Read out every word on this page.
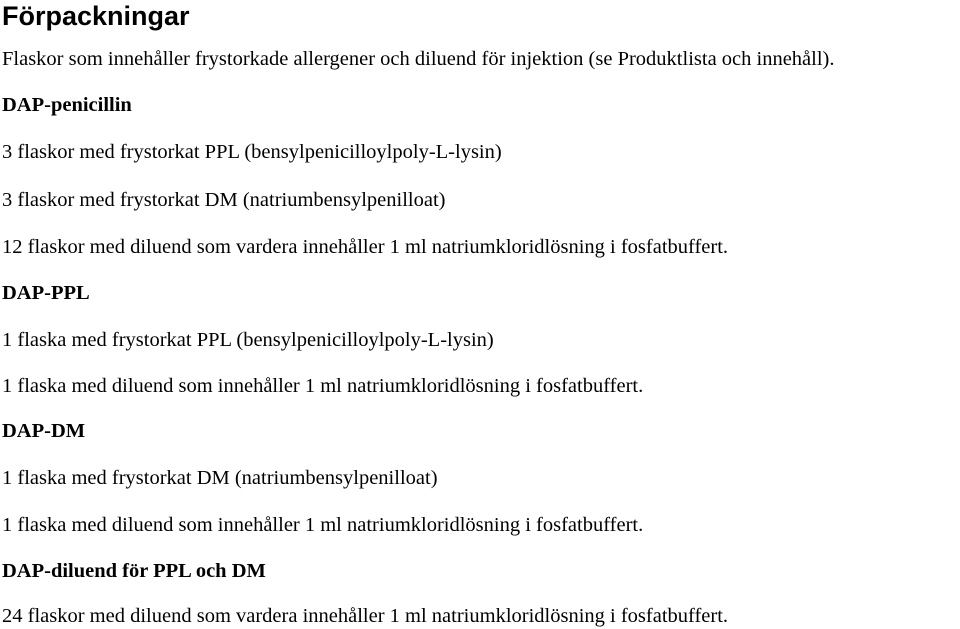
Förpackningar
Flaskor som innehåller frystorkade allergener och diluend för injektion (se Produktlista och innehåll).
DAP-penicillin
3 flaskor med frystorkat PPL (bensylpenicilloylpoly-L-lysin)
3 flaskor med frystorkat DM (natriumbensylpenilloat)
12 flaskor med diluend som vardera innehåller 1 ml natriumkloridlösning i fosfatbuffert.
DAP-PPL
1 flaska med frystorkat PPL (bensylpenicilloylpoly-L-lysin)
1 flaska med diluend som innehåller 1 ml natriumkloridlösning i fosfatbuffert.
DAP-DM
1 flaska med frystorkat DM (natriumbensylpenilloat)
1 flaska med diluend som innehåller 1 ml natriumkloridlösning i fosfatbuffert.
DAP-diluend för PPL och DM
24 flaskor med diluend som vardera innehåller 1 ml natriumkloridlösning i fosfatbuffert.
